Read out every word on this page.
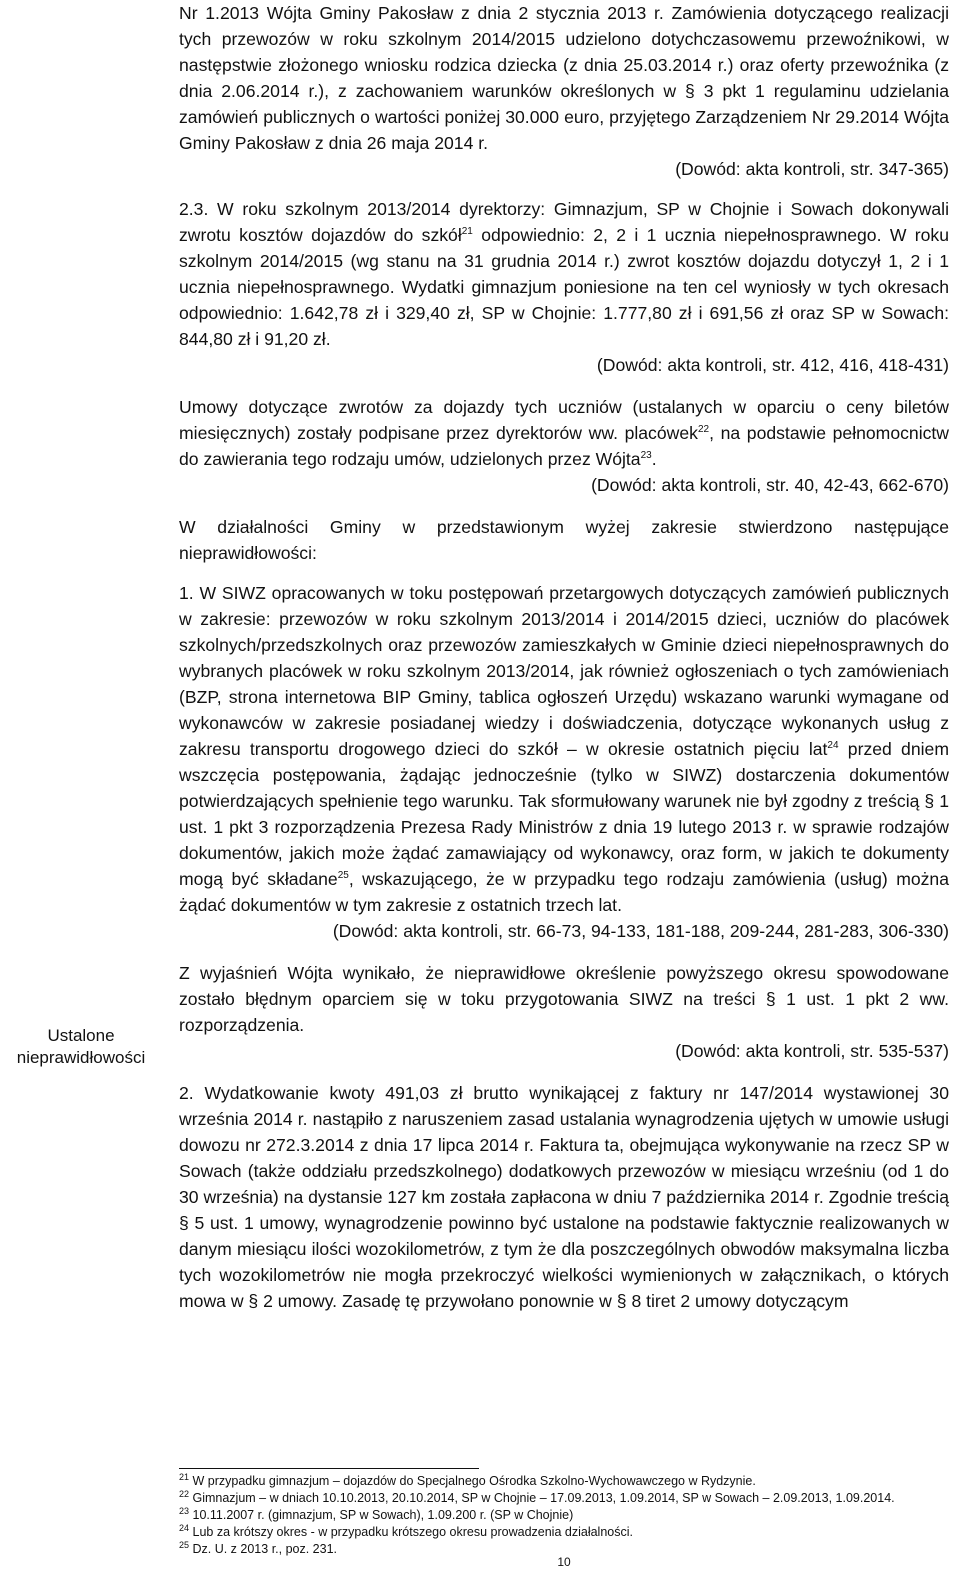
Ustalone
nieprawidłowości

Nr 1.2013 Wójta Gminy Pakosław z dnia 2 stycznia 2013 r. Zamówienia dotyczącego realizacji tych przewozów w roku szkolnym 2014/2015 udzielono dotychczasowemu przewoźnikowi, w następstwie złożonego wniosku rodzica dziecka (z dnia 25.03.2014 r.) oraz oferty przewoźnika (z dnia 2.06.2014 r.), z zachowaniem warunków określonych w § 3 pkt 1 regulaminu udzielania zamówień publicznych o wartości poniżej 30.000 euro, przyjętego Zarządzeniem Nr 29.2014 Wójta Gminy Pakosław z dnia 26 maja 2014 r.

(Dowód: akta kontroli, str. 347-365)

2.3. W roku szkolnym 2013/2014 dyrektorzy: Gimnazjum, SP w Chojnie i Sowach dokonywali zwrotu kosztów dojazdów do szkół$^{21}$ odpowiednio: 2, 2 i 1 ucznia niepełnosprawnego. W roku szkolnym 2014/2015 (wg stanu na 31 grudnia 2014 r.) zwrot kosztów dojazdu dotyczył 1, 2 i 1 ucznia niepełnosprawnego. Wydatki gimnazjum poniesione na ten cel wyniosły w tych okresach odpowiednio: 1.642,78 zł i 329,40 zł, SP w Chojnie: 1.777,80 zł i 691,56 zł oraz SP w Sowach: 844,80 zł i 91,20 zł.

(Dowód: akta kontroli, str. 412, 416, 418-431)

Umowy dotyczące zwrotów za dojazdy tych uczniów (ustalanych w oparciu o ceny biletów miesięcznych) zostały podpisane przez dyrektorów ww. placówek$^{22}$, na podstawie pełnomocnictw do zawierania tego rodzaju umów, udzielonych przez Wójta$^{23}$.

(Dowód: akta kontroli, str. 40, 42-43, 662-670)

W działalności Gminy w przedstawionym wyżej zakresie stwierdzono następujące nieprawidłowości:

1. W SIWZ opracowanych w toku postępowań przetargowych dotyczących zamówień publicznych w zakresie: przewozów w roku szkolnym 2013/2014 i 2014/2015 dzieci, uczniów do placówek szkolnych/przedszkolnych oraz przewozów zamieszkałych w Gminie dzieci niepełnosprawnych do wybranych placówek w roku szkolnym 2013/2014, jak również ogłoszeniach o tych zamówieniach (BZP, strona internetowa BIP Gminy, tablica ogłoszeń Urzędu) wskazano warunki wymagane od wykonawców w zakresie posiadanej wiedzy i doświadczenia, dotyczące wykonanych usług z zakresu transportu drogowego dzieci do szkół – w okresie ostatnich pięciu lat$^{24}$ przed dniem wszczęcia postępowania, żądając jednocześnie (tylko w SIWZ) dostarczenia dokumentów potwierdzających spełnienie tego warunku. Tak sformułowany warunek nie był zgodny z treścią § 1 ust. 1 pkt 3 rozporządzenia Prezesa Rady Ministrów z dnia 19 lutego 2013 r. w sprawie rodzajów dokumentów, jakich może żądać zamawiający od wykonawcy, oraz form, w jakich te dokumenty mogą być składane$^{25}$, wskazującego, że w przypadku tego rodzaju zamówienia (usług) można żądać dokumentów w tym zakresie z ostatnich trzech lat.

(Dowód: akta kontroli, str. 66-73, 94-133, 181-188, 209-244, 281-283, 306-330)

Z wyjaśnień Wójta wynikało, że nieprawidłowe określenie powyższego okresu spowodowane zostało błędnym oparciem się w toku przygotowania SIWZ na treści § 1 ust. 1 pkt 2 ww. rozporządzenia.

(Dowód: akta kontroli, str. 535-537)

2. Wydatkowanie kwoty 491,03 zł brutto wynikającej z faktury nr 147/2014 wystawionej 30 września 2014 r. nastąpiło z naruszeniem zasad ustalania wynagrodzenia ujętych w umowie usługi dowozu nr 272.3.2014 z dnia 17 lipca 2014 r. Faktura ta, obejmująca wykonywanie na rzecz SP w Sowach (także oddziału przedszkolnego) dodatkowych przewozów w miesiącu wrześniu (od 1 do 30 września) na dystansie 127 km została zapłacona w dniu 7 października 2014 r. Zgodnie treścią § 5 ust. 1 umowy, wynagrodzenie powinno być ustalone na podstawie faktycznie realizowanych w danym miesiącu ilości wozokilometrów, z tym że dla poszczególnych obwodów maksymalna liczba tych wozokilometrów nie mogła przekroczyć wielkości wymienionych w załącznikach, o których mowa w § 2 umowy. Zasadę tę przywołano ponownie w § 8 tiret 2 umowy dotyczącym

$^{21}$ W przypadku gimnazjum – dojazdów do Specjalnego Ośrodka Szkolno-Wychowawczego w Rydzynie.

$^{22}$ Gimnazjum – w dniach 10.10.2013, 20.10.2014, SP w Chojnie – 17.09.2013, 1.09.2014, SP w Sowach – 2.09.2013, 1.09.2014.

$^{23}$ 10.11.2007 r. (gimnazjum, SP w Sowach), 1.09.200 r. (SP w Chojnie)

$^{24}$ Lub za krótszy okres - w przypadku krótszego okresu prowadzenia działalności.

$^{25}$ Dz. U. z 2013 r., poz. 231.

10
